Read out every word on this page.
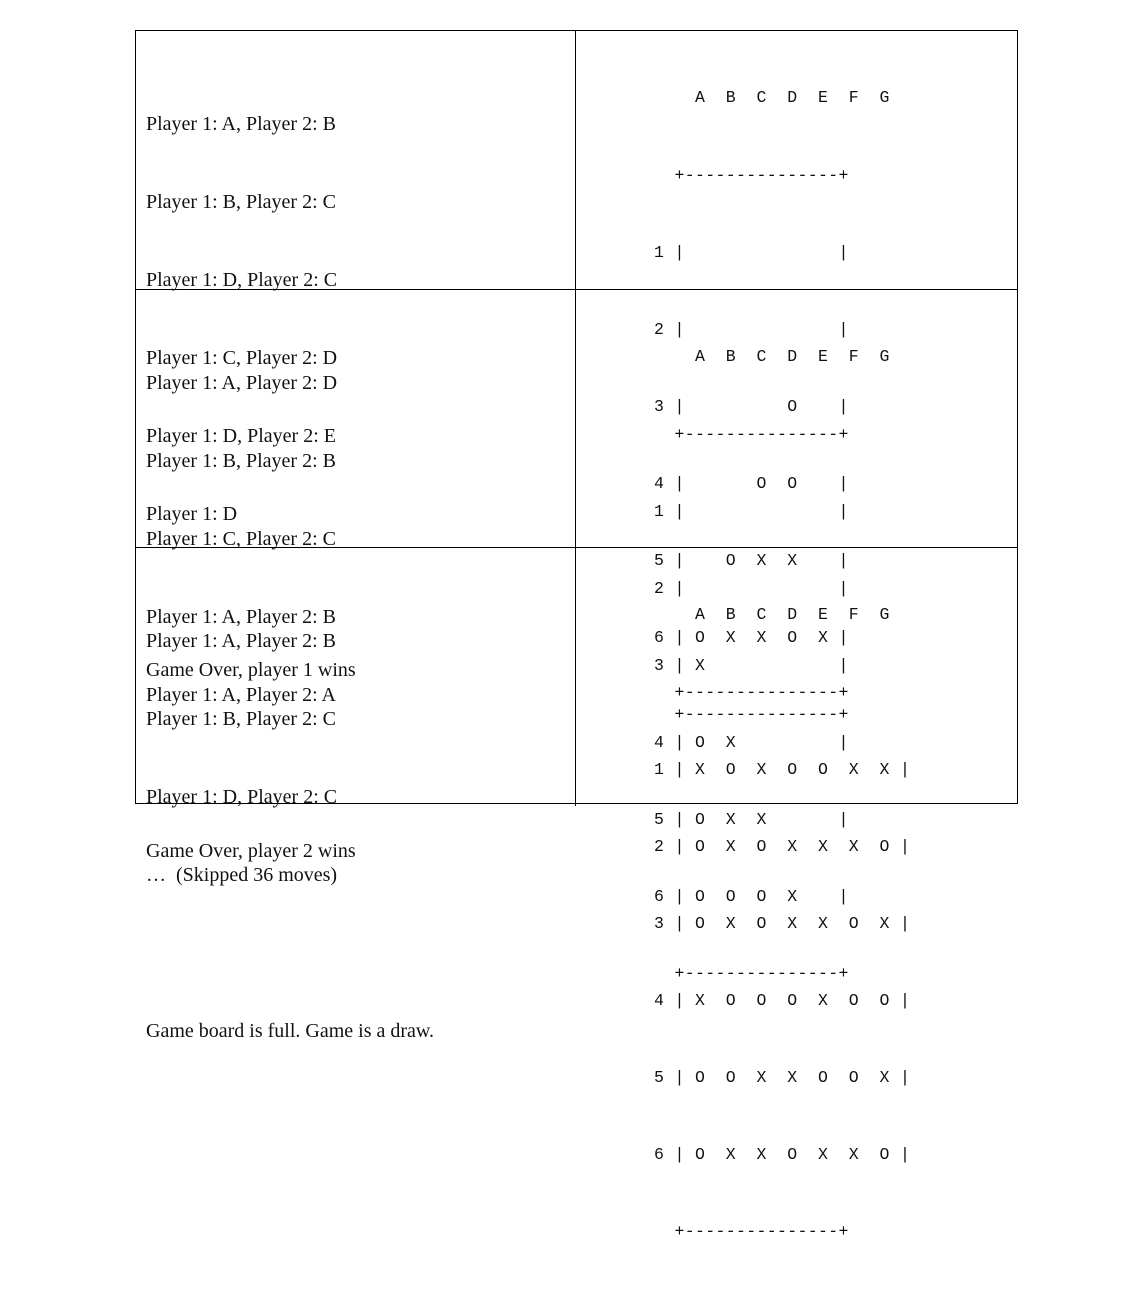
Player 1: A, Player 2: B

Player 1: B, Player 2: C

Player 1: D, Player 2: C

Player 1: C, Player 2: D

Player 1: D, Player 2: E

Player 1: D

Game Over, player 1 wins

A  B  C  D  E  F  G

+---------------+

1 |               |

2 |               |

3 |          O    |

4 |       O  O    |

5 |    O  X  X    |

6 | O  X  X  O  X |

+---------------+

Player 1: A, Player 2: D

Player 1: B, Player 2: B

Player 1: C, Player 2: C

Player 1: A, Player 2: B

Player 1: A, Player 2: A

Game Over, player 2 wins

A  B  C  D  E  F  G

+---------------+

1 |               |

2 |               |

3 | X             |

4 | O  X          |

5 | O  X  X       |

6 | O  O  O  X    |

+---------------+

Player 1: A, Player 2: B

Player 1: B, Player 2: C

Player 1: D, Player 2: C

…  (Skipped 36 moves)

Game board is full. Game is a draw.

A  B  C  D  E  F  G

+---------------+

1 | X  O  X  O  O  X  X |

2 | O  X  O  X  X  X  O |

3 | O  X  O  X  X  O  X |

4 | X  O  O  O  X  O  O |

5 | O  O  X  X  O  O  X |

6 | O  X  X  O  X  X  O |

+---------------+
